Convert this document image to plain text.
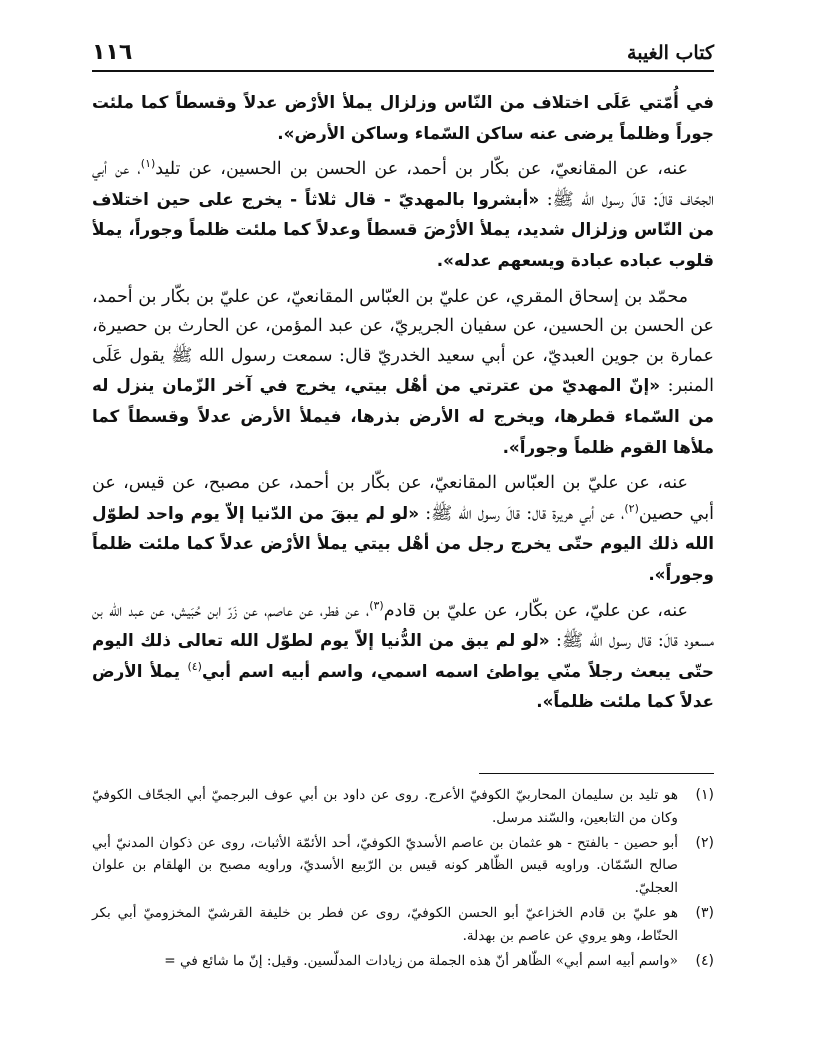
كتاب الغيبة
١١٦

في أُمّتي عَلَى اختلاف من النّاس وزلزال يملأ الأرْض عدلاً وقسطاً كما ملئت جوراً وظلماً يرضى عنه ساكن السّماء وساكن الأرض».

عنه، عن المقانعيّ، عن بكّار بن أحمد، عن الحسن بن الحسين، عن تليد$^{(١)}$، عن أبي الجحّاف قالَ: قالَ رسول الله ﷺ: «أبشروا بالمهديّ - قال ثلاثاً - يخرج على حين اختلاف من النّاس وزلزال شديد، يملأ الأرْضَ قسطاً وعدلاً كما ملئت ظلماً وجوراً، يملأ قلوب عباده عبادة ويسعهم عدله».

محمّد بن إسحاق المقري، عن عليّ بن العبّاس المقانعيّ، عن عليّ بن بكّار بن أحمد، عن الحسن بن الحسين، عن سفيان الجريريّ، عن عبد المؤمن، عن الحارث بن حصيرة، عمارة بن جوين العبديّ، عن أبي سعيد الخدريّ قال: سمعت رسول الله ﷺ يقول عَلَى المنبر: «إنّ المهديّ من عترتي من أهْل بيتي، يخرج في آخر الزّمان ينزل له من السّماء قطرها، ويخرج له الأرض بذرها، فيملأ الأرض عدلاً وقسطاً كما ملأها القوم ظلماً وجوراً».

عنه، عن عليّ بن العبّاس المقانعيّ، عن بكّار بن أحمد، عن مصبح، عن قيس، عن أبي حصين$^{(٢)}$، عن أبي هريرة قال: قالَ رسول الله ﷺ: «لو لم يبقَ من الدّنيا إلاّ يوم واحد لطوّل الله ذلك اليوم حتّى يخرج رجل من أهْل بيتي يملأ الأرْض عدلاً كما ملئت ظلماً وجوراً».

عنه، عن عليّ، عن بكّار، عن عليّ بن قادم$^{(٣)}$، عن فطر، عن عاصم، عن زَرّ ابن حُبَيش، عن عبد الله بن مسعود قالَ: قال رسول الله ﷺ: «لو لم يبق من الدُّنيا إلاّ يوم لطوّل الله تعالى ذلك اليوم حتّى يبعث رجلاً منّي يواطئ اسمه اسمي، واسم أبيه اسم أبي$^{(٤)}$ يملأ الأرض عدلاً كما ملئت ظلماً».

(١)
هو تليد بن سليمان المحاربيّ الكوفيّ الأعرج. روى عن داود بن أبي عوف البرجميّ أبي الجحّاف الكوفيّ وكان من التابعين، والسّند مرسل.
(٢)
أبو حصين - بالفتح - هو عثمان بن عاصم الأسديّ الكوفيّ، أحد الأئمّة الأثبات، روى عن ذكوان المدنيّ أبي صالح السّمّان. وراويه قيس الظّاهر كونه قيس بن الرّبيع الأسديّ، وراويه مصبح بن الهلقام بن علوان العجليّ.
(٣)
هو عليّ بن قادم الخزاعيّ أبو الحسن الكوفيّ، روى عن فطر بن خليفة القرشيّ المخزوميّ أبي بكر الحنّاط، وهو يروي عن عاصم بن بهدلة.
(٤)
«واسم أبيه اسم أبي» الظّاهر أنّ هذه الجملة من زيادات المدلّسين. وقيل: إنّ ما شائع في =
